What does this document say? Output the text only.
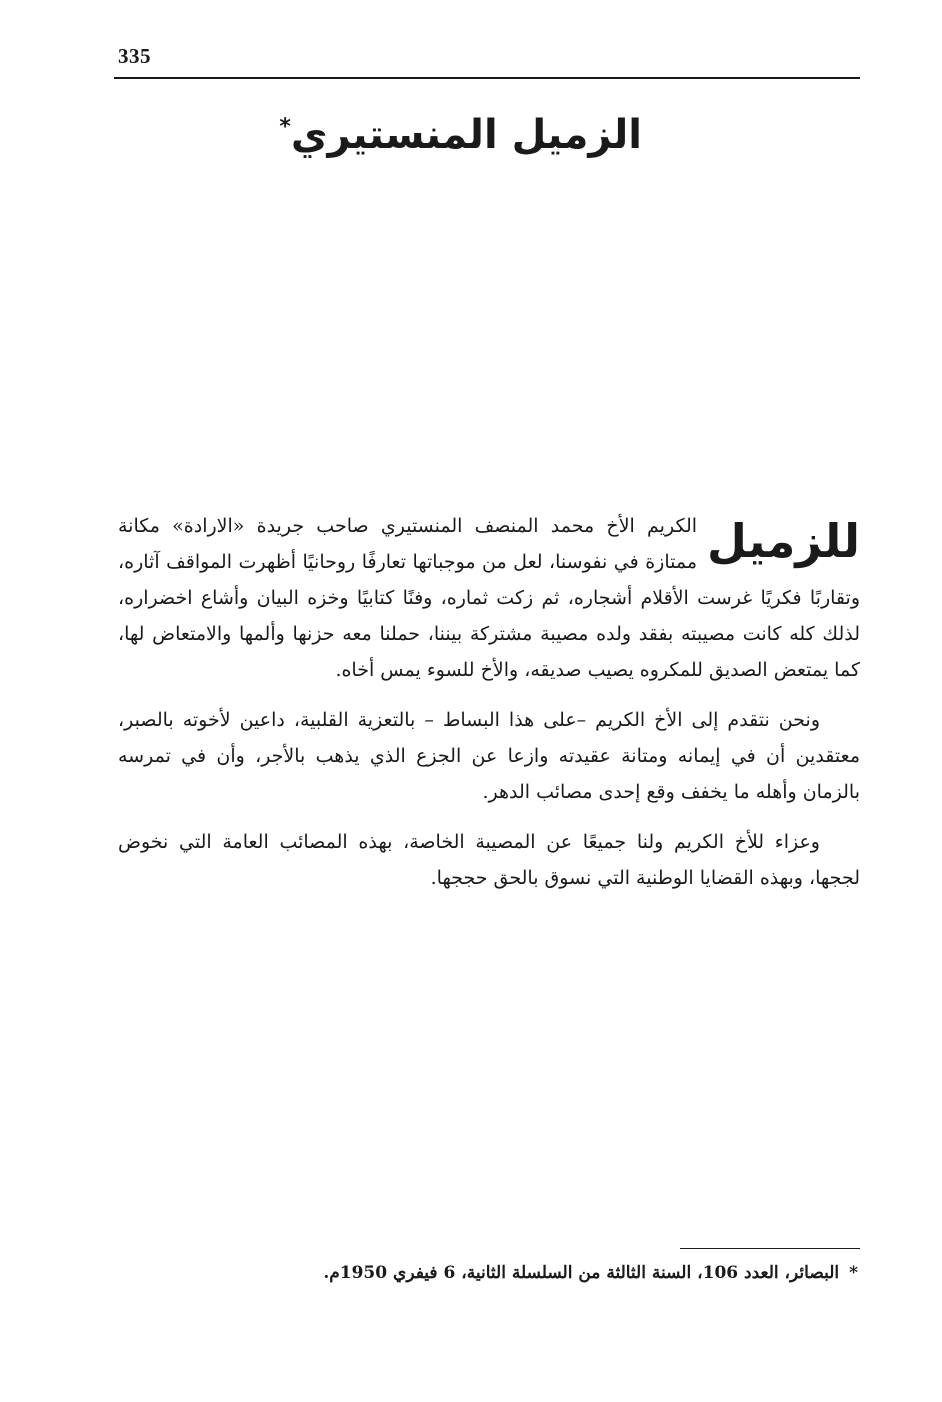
335
الزميل المنستيري*

للزميل
الكريم الأخ محمد المنصف المنستيري صاحب جريدة «الارادة» مكانة ممتازة في نفوسنا، لعل من موجباتها تعارفًا روحانيًا أظهرت المواقف آثاره، وتقاربًا فكريًا غرست الأقلام أشجاره، ثم زكت ثماره، وفنًا كتابيًا وخزه البيان وأشاع اخضراره، لذلك كله كانت مصيبته بفقد ولده مصيبة مشتركة بيننا، حملنا معه حزنها وألمها والامتعاض لها، كما يمتعض الصديق للمكروه يصيب صديقه، والأخ للسوء يمس أخاه.

ونحن نتقدم إلى الأخ الكريم –على هذا البساط – بالتعزية القلبية، داعين لأخوته بالصبر، معتقدين أن في إيمانه ومتانة عقيدته وازعا عن الجزع الذي يذهب بالأجر، وأن في تمرسه بالزمان وأهله ما يخفف وقع إحدى مصائب الدهر.

وعزاء للأخ الكريم ولنا جميعًا عن المصيبة الخاصة، بهذه المصائب العامة التي نخوض لججها، وبهذه القضايا الوطنية التي نسوق بالحق حججها.

*البصائر، العدد 106، السنة الثالثة من السلسلة الثانية، 6 فيفري 1950م.
